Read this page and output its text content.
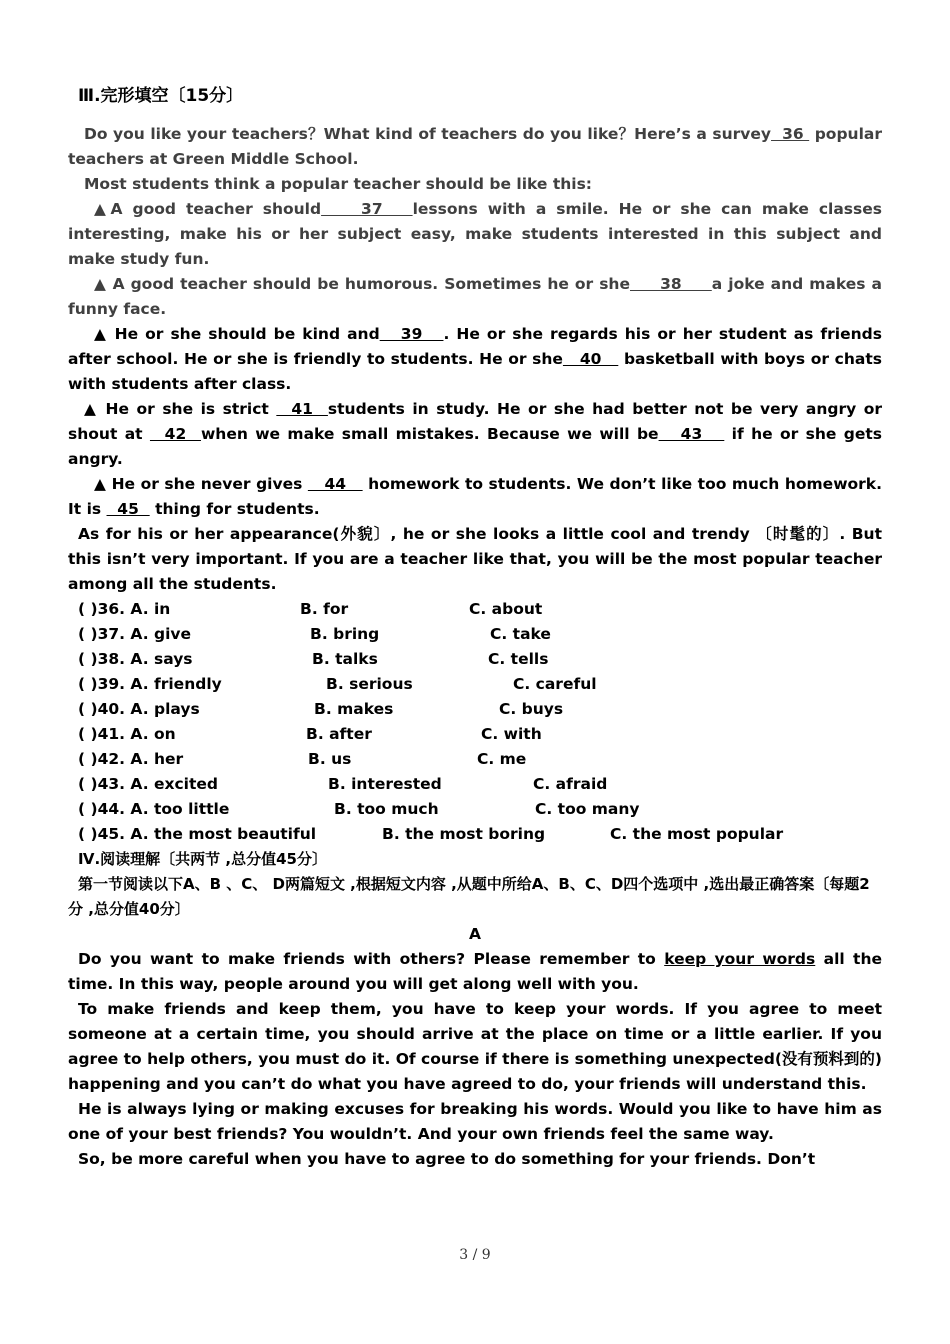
Ⅲ.完形填空〔15分〕

Do you like your teachers？What kind of teachers do you like？Here’s a survey  36  popular teachers at Green Middle School.

Most students think a popular teacher should be like this:

▲A good teacher should    37   lessons with a smile. He or she can make classes interesting, make his or her subject easy, make students interested in this subject and make study fun.

▲ A good teacher should be humorous. Sometimes he or she     38     a joke and makes a funny face.

▲ He or she should be kind and   39   . He or she regards his or her student as friends after school. He or she is friendly to students. He or she   40    basketball with boys or chats with students after class.

▲ He or she is strict   41  students in study. He or she had better not be very angry or shout at   42  when we make small mistakes. Because we will be   43    if he or she gets angry.

▲ He or she never gives    44    homework to students. We don’t like too much homework. It is   45   thing for students.

As for his or her appearance(外貌〕, he or she looks a little cool and trendy 〔时髦的〕. But this isn’t very important. If you are a teacher like that, you will be the most popular teacher among all the students.

( )36. A. in	B. for	C. about
( )37. A. give	B. bring	C. take
( )38. A. says	B. talks	C. tells
( )39. A. friendly	B. serious	C. careful
( )40. A. plays	B. makes	C. buys
( )41. A. on	B. after	C. with
( )42. A. her	B. us	C. me
( )43. A. excited	B. interested	C. afraid
( )44. A. too little	B. too much	C. too many
( )45. A. the most beautiful	B. the most boring	C. the most popular
Ⅳ.阅读理解〔共两节 ,总分值45分〕

第一节阅读以下A、B 、C、 D两篇短文 ,根据短文内容 ,从题中所给A、B、C、D四个选项中 ,选出最正确答案〔每题2分 ,总分值40分〕

A

Do you want to make friends with others? Please remember to keep your words all the time. In this way, people around you will get along well with you.

To make friends and keep them, you have to keep your words. If you agree to meet someone at a certain time, you should arrive at the place on time or a little earlier. If you agree to help others, you must do it. Of course if there is something unexpected(没有预料到的) happening and you can’t do what you have agreed to do, your friends will understand this.

He is always lying or making excuses for breaking his words. Would you like to have him as one of your best friends? You wouldn’t. And your own friends feel the same way.

So, be more careful when you have to agree to do something for your friends. Don’t

3 / 9
